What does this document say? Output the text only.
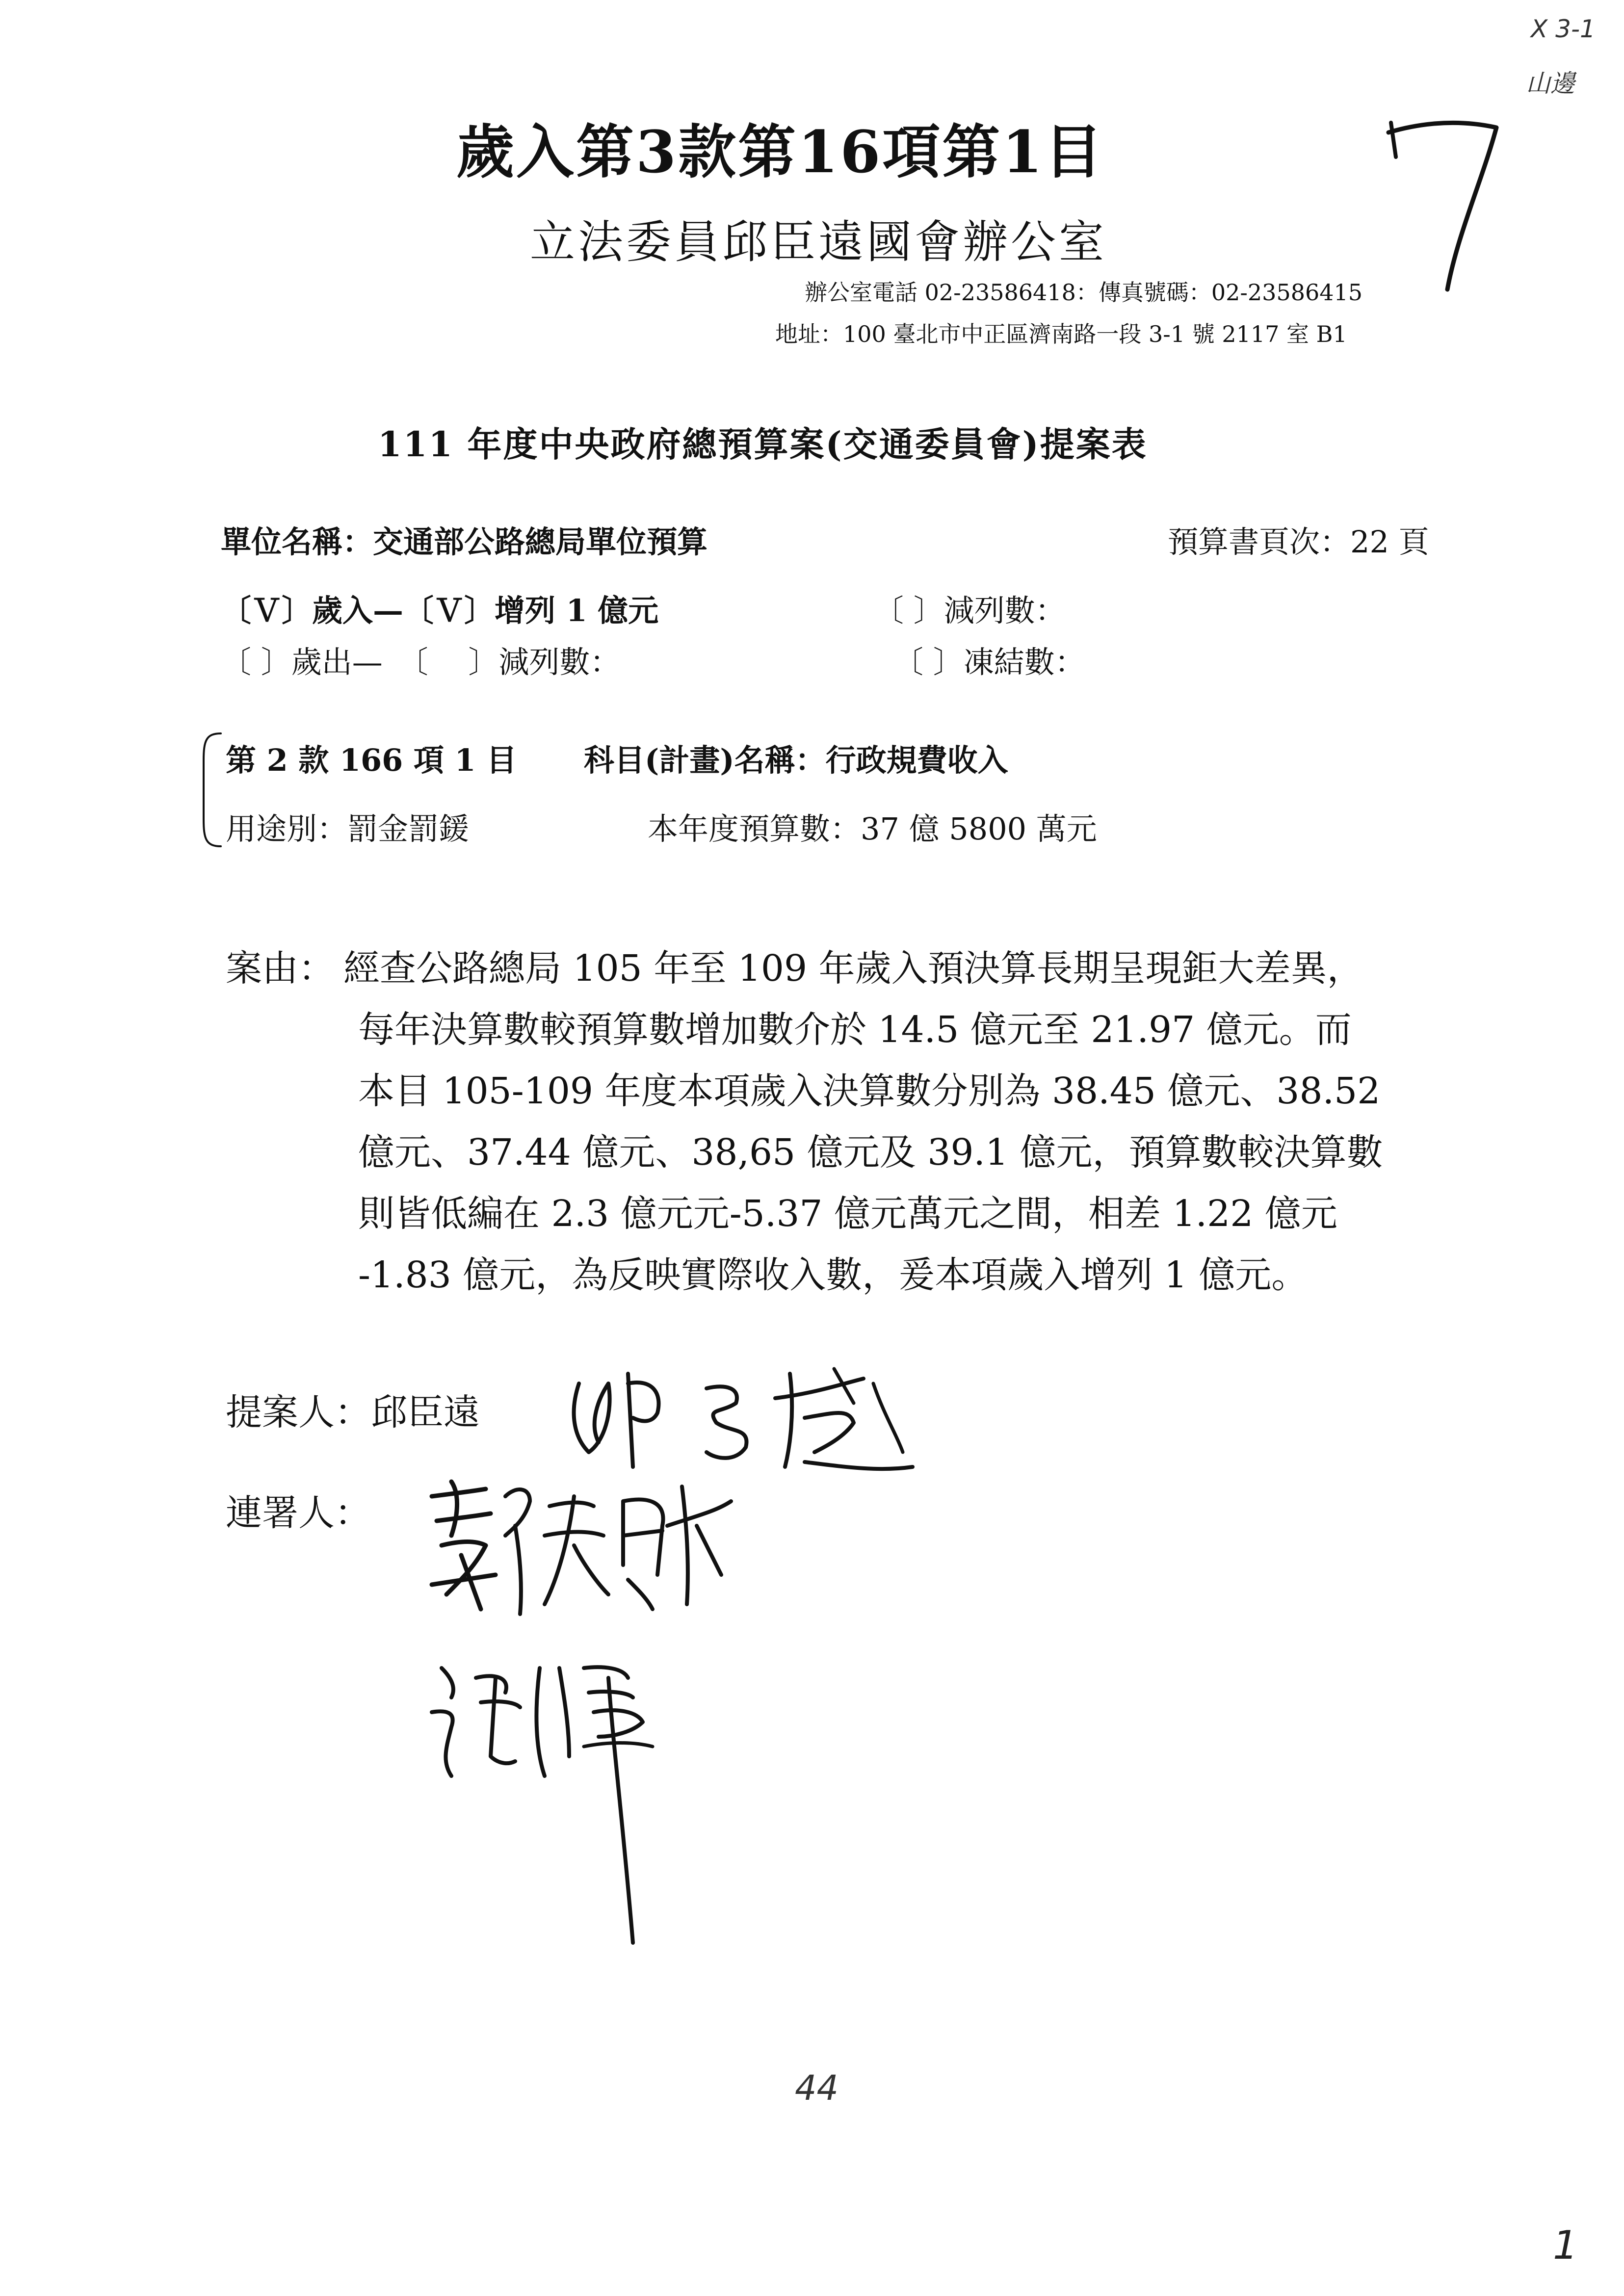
歲入第3款第16項第1目
X 3-1
山邊
立法委員邱臣遠國會辦公室
辦公室電話 02-23586418：傳真號碼：02-23586415
地址：100 臺北市中正區濟南路一段 3-1 號 2117 室 B1
111 年度中央政府總預算案(交通委員會)提案表
單位名稱：交通部公路總局單位預算	預算書頁次：22 頁
〔Ｖ〕歲入—〔Ｖ〕增列 1 億元	〔 〕減列數：
〔 〕歲出—　〔　 〕減列數：	〔 〕凍結數：
第 2 款 166 項 1 目 科目(計畫)名稱：行政規費收入
用途別：罰金罰鍰	本年度預算數：37 億 5800 萬元
案由： 經查公路總局 105 年至 109 年歲入預決算長期呈現鉅大差異，
每年決算數較預算數增加數介於 14.5 億元至 21.97 億元。而
本目 105-109 年度本項歲入決算數分別為 38.45 億元、38.52
億元、37.44 億元、38,65 億元及 39.1 億元，預算數較決算數
則皆低編在 2.3 億元元-5.37 億元萬元之間，相差 1.22 億元
-1.83 億元，為反映實際收入數，爰本項歲入增列 1 億元。
提案人：邱臣遠
連署人：
44
1
